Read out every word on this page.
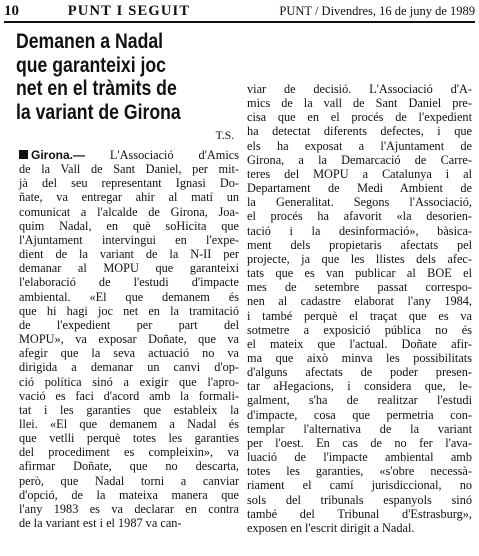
10	PUNT I SEGUIT	PUNT / Divendres, 16 de juny de 1989
Demanen a Nadal
que garanteixi joc
net en el tràmits de
la variant de Girona
T.S.
Girona.— L'Associació d'Amics
de la Vall de Sant Daniel, per mit-
jà del seu representant Ignasi Do-
ñate, va entregar ahir al matí un
comunicat a l'alcalde de Girona, Joa-
quim Nadal, en què soHicita que
l'Ajuntament intervingui en l'expe-
dient de la variant de la N-II per
demanar al MOPU que garanteixi
l'elaboració de l'estudi d'impacte
ambiental. «El que demanem és
que hi hagi joc net en la tramitació
de l'expedient per part del
MOPU», va exposar Doñate, que va
afegir que la seva actuació no va
dirigida a demanar un canvi d'op-
ció política sinó a exigir que l'apro-
vació es faci d'acord amb la formali-
tat i les garanties que estableix la
llei. «El que demanem a Nadal és
que vetlli perquè totes les garanties
del procediment es compleixin», va
afirmar Doñate, que no descarta,
però, que Nadal torni a canviar
d'opció, de la mateixa manera que
l'any 1983 es va declarar en contra
de la variant est i el 1987 va can-
viar de decisió. L'Associació d'A-
mics de la vall de Sant Daniel pre-
cisa que en el procés de l'expedient
ha detectat diferents defectes, i que
els ha exposat a l'Ajuntament de
Girona, a la Demarcació de Carre-
teres del MOPU a Catalunya i al
Departament de Medi Ambient de
la Generalitat. Segons l'Associació,
el procés ha afavorit «la desorien-
tació i la desinformació», bàsica-
ment dels propietaris afectats pel
projecte, ja que les llistes dels afec-
tats que es van publicar al BOE el
mes de setembre passat correspo-
nen al cadastre elaborat l'any 1984,
i també perquè el traçat que es va
sotmetre a exposició pública no és
el mateix que l'actual. Doñate afir-
ma que això minva les possibilitats
d'alguns afectats de poder presen-
tar aHegacions, i considera que, le-
galment, s'ha de realitzar l'estudi
d'impacte, cosa que permetria con-
templar l'alternativa de la variant
per l'oest. En cas de no fer l'ava-
luació de l'impacte ambiental amb
totes les garanties, «s'obre necessà-
riament el camí jurisdiccional, no
sols del tribunals espanyols sinó
també del Tribunal d'Estrasburg»,
exposen en l'escrit dirigit a Nadal.
